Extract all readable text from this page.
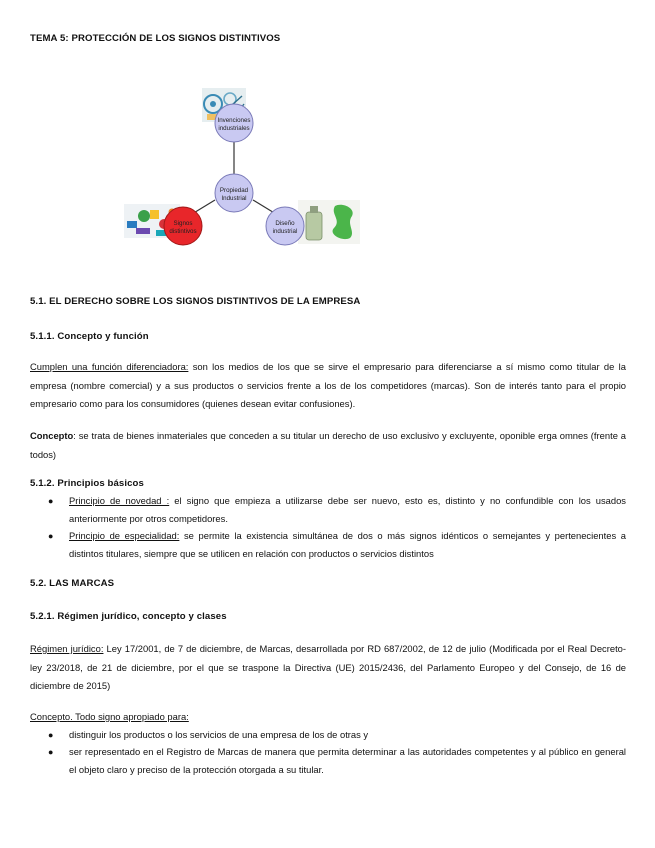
TEMA 5: PROTECCIÓN DE LOS SIGNOS DISTINTIVOS
Invenciones
industriales
Propiedad
Industrial
Signos
distintivos
Diseño
industrial
5.1. EL DERECHO SOBRE LOS SIGNOS DISTINTIVOS DE LA EMPRESA
5.1.1. Concepto y función
Cumplen una función diferenciadora: son los medios de los que se sirve el empresario para diferenciarse a sí mismo como titular de la empresa (nombre comercial) y a sus productos o servicios frente a los de los competidores (marcas). Son de interés tanto para el propio empresario como para los consumidores (quienes desean evitar confusiones).
Concepto: se trata de bienes inmateriales que conceden a su titular un derecho de uso exclusivo y excluyente, oponible erga omnes (frente a todos)
5.1.2. Principios básicos
● Principio de novedad : el signo que empieza a utilizarse debe ser nuevo, esto es, distinto y no confundible con los usados anteriormente por otros competidores.
● Principio de especialidad: se permite la existencia simultánea de dos o más signos idénticos o semejantes y pertenecientes a distintos titulares, siempre que se utilicen en relación con productos o servicios distintos
5.2. LAS MARCAS
5.2.1. Régimen jurídico, concepto y clases
Régimen jurídico: Ley 17/2001, de 7 de diciembre, de Marcas, desarrollada por RD 687/2002, de 12 de julio (Modificada por el Real Decreto-ley 23/2018, de 21 de diciembre, por el que se traspone la Directiva (UE) 2015/2436, del Parlamento Europeo y del Consejo, de 16 de diciembre de 2015)
Concepto. Todo signo apropiado para:
● distinguir los productos o los servicios de una empresa de los de otras y
● ser representado en el Registro de Marcas de manera que permita determinar a las autoridades competentes y al público en general el objeto claro y preciso de la protección otorgada a su titular.
